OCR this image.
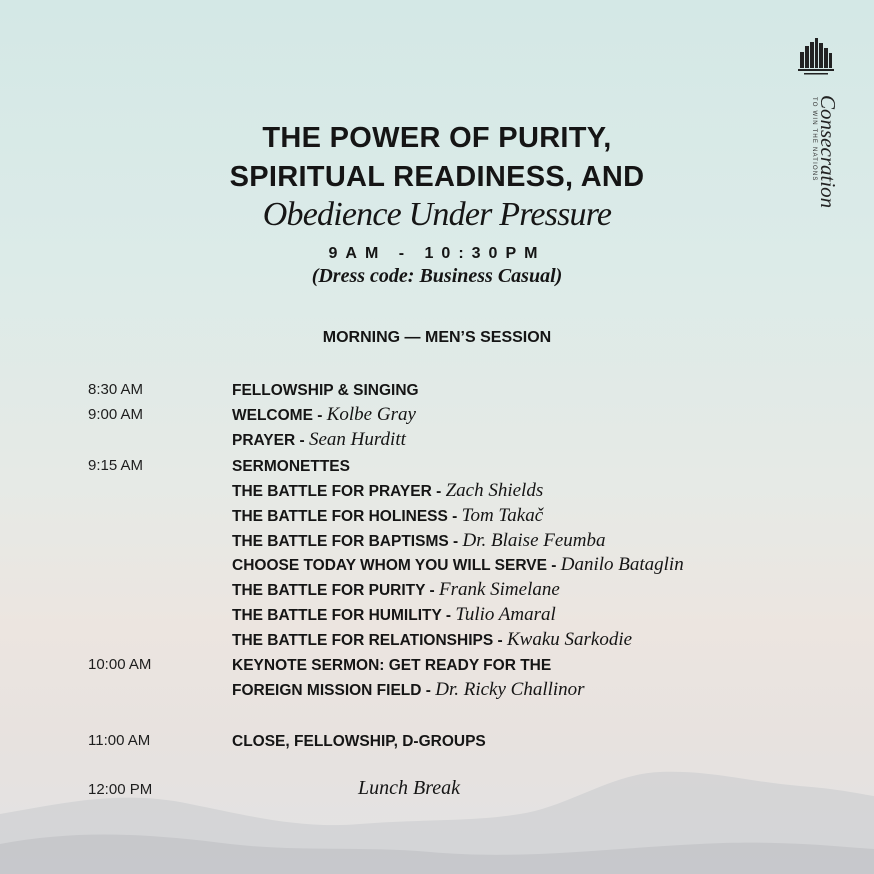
Consecration
TO WIN THE NATIONS
THE POWER OF PURITY,
SPIRITUAL READINESS, AND
Obedience Under Pressure
9AM - 10:30PM
(Dress code: Business Casual)
MORNING — MEN’S SESSION
8:30 AM	FELLOWSHIP & SINGING
9:00 AM	WELCOME - Kolbe Gray
PRAYER - Sean Hurditt
9:15 AM	SERMONETTES
THE BATTLE FOR PRAYER - Zach Shields
THE BATTLE FOR HOLINESS - Tom Takač
THE BATTLE FOR BAPTISMS - Dr. Blaise Feumba
CHOOSE TODAY WHOM YOU WILL SERVE - Danilo Bataglin
THE BATTLE FOR PURITY - Frank Simelane
THE BATTLE FOR HUMILITY - Tulio Amaral
THE BATTLE FOR RELATIONSHIPS - Kwaku Sarkodie
10:00 AM	KEYNOTE SERMON: GET READY FOR THE
FOREIGN MISSION FIELD - Dr. Ricky Challinor
11:00 AM	CLOSE, FELLOWSHIP, D-GROUPS
12:00 PM	Lunch Break
